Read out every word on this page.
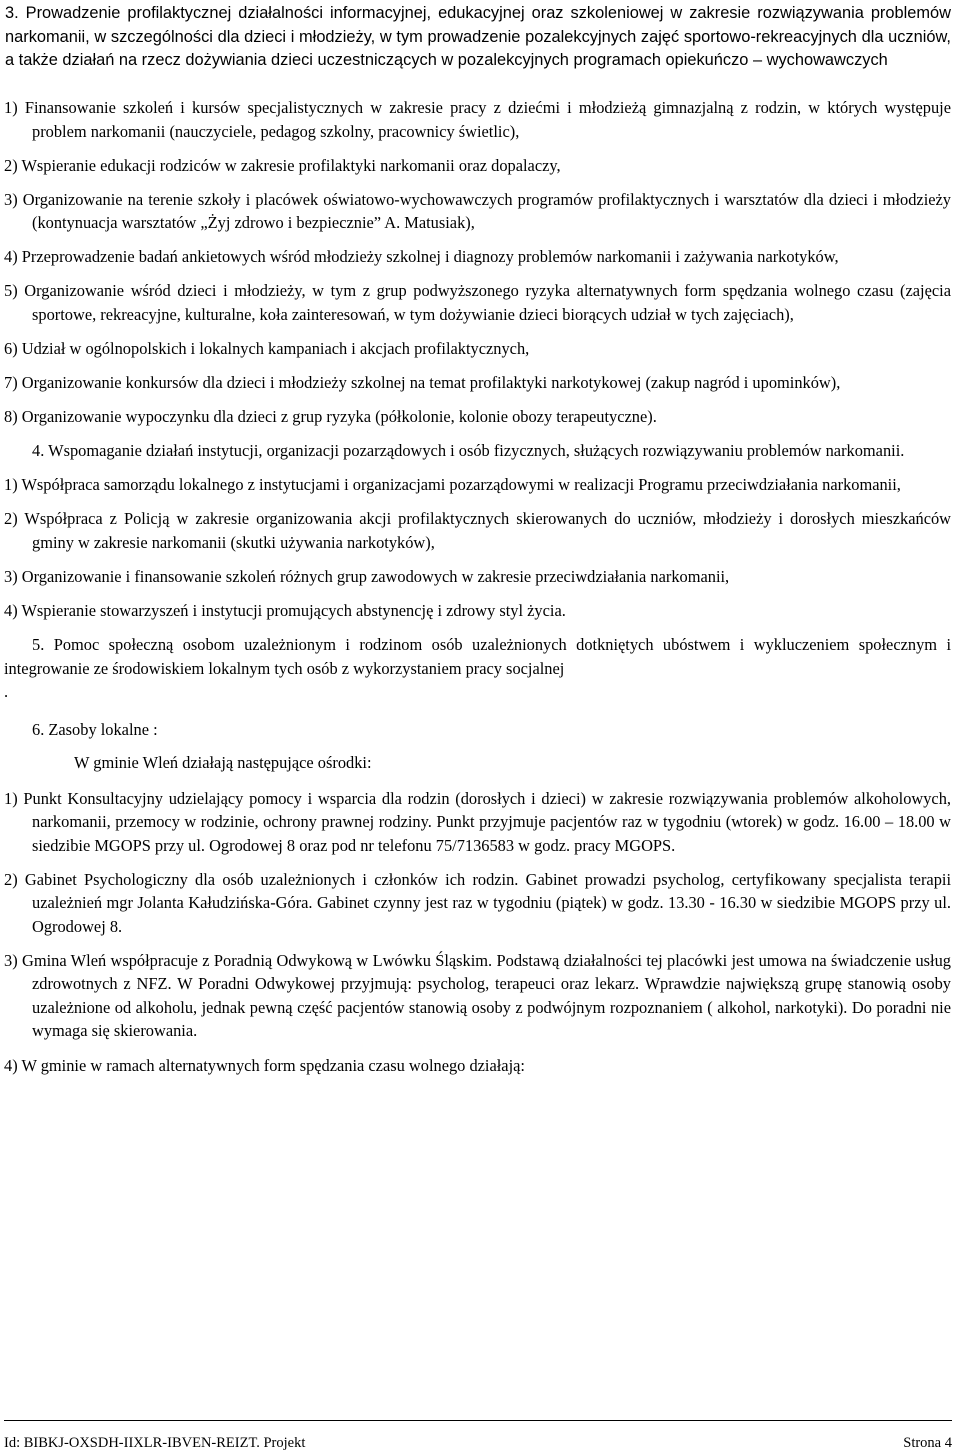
3. Prowadzenie profilaktycznej działalności informacyjnej, edukacyjnej oraz szkoleniowej w zakresie rozwiązywania problemów narkomanii, w szczególności dla dzieci i młodzieży, w tym prowadzenie pozalekcyjnych zajęć sportowo-rekreacyjnych dla uczniów, a także działań na rzecz dożywiania dzieci uczestniczących w pozalekcyjnych programach opiekuńczo – wychowawczych

1) Finansowanie szkoleń i kursów specjalistycznych w zakresie pracy z dziećmi i młodzieżą gimnazjalną z rodzin, w których występuje problem narkomanii (nauczyciele, pedagog szkolny, pracownicy świetlic),

2) Wspieranie edukacji rodziców w zakresie profilaktyki narkomanii oraz dopalaczy,

3) Organizowanie na terenie szkoły i placówek oświatowo-wychowawczych programów profilaktycznych i warsztatów dla dzieci i młodzieży (kontynuacja warsztatów „Żyj zdrowo i bezpiecznie” A. Matusiak),

4) Przeprowadzenie badań ankietowych wśród młodzieży szkolnej i diagnozy problemów narkomanii i zażywania narkotyków,

5) Organizowanie wśród dzieci i młodzieży, w tym z grup podwyższonego ryzyka alternatywnych form spędzania wolnego czasu (zajęcia sportowe, rekreacyjne, kulturalne, koła zainteresowań, w tym dożywianie dzieci biorących udział w tych zajęciach),

6) Udział w ogólnopolskich i lokalnych kampaniach i akcjach profilaktycznych,

7) Organizowanie konkursów dla dzieci i młodzieży szkolnej na temat profilaktyki narkotykowej (zakup nagród i upominków),

8) Organizowanie wypoczynku dla dzieci z grup ryzyka (półkolonie, kolonie obozy terapeutyczne).

4. Wspomaganie działań instytucji, organizacji pozarządowych i osób fizycznych, służących rozwiązywaniu problemów narkomanii.

1) Współpraca samorządu lokalnego z instytucjami i organizacjami pozarządowymi w realizacji Programu przeciwdziałania narkomanii,

2) Współpraca z Policją w zakresie organizowania akcji profilaktycznych skierowanych do uczniów, młodzieży i dorosłych mieszkańców gminy w zakresie narkomanii (skutki używania narkotyków),

3) Organizowanie i finansowanie szkoleń różnych grup zawodowych w zakresie przeciwdziałania narkomanii,

4) Wspieranie stowarzyszeń i instytucji promujących abstynencję i zdrowy styl życia.

5. Pomoc społeczną osobom uzależnionym i rodzinom osób uzależnionych dotkniętych ubóstwem i wykluczeniem społecznym i integrowanie ze środowiskiem lokalnym tych osób z wykorzystaniem pracy socjalnej

.

6. Zasoby lokalne :

W gminie Wleń działają następujące ośrodki:

1) Punkt Konsultacyjny udzielający pomocy i wsparcia dla rodzin (dorosłych i dzieci) w zakresie rozwiązywania problemów alkoholowych, narkomanii, przemocy w rodzinie, ochrony prawnej rodziny. Punkt przyjmuje pacjentów raz w tygodniu (wtorek) w godz. 16.00 – 18.00 w siedzibie MGOPS przy ul. Ogrodowej 8 oraz pod nr telefonu 75/7136583 w godz. pracy MGOPS.

2) Gabinet Psychologiczny dla osób uzależnionych i członków ich rodzin. Gabinet prowadzi psycholog, certyfikowany specjalista terapii uzależnień mgr Jolanta Kałudzińska-Góra. Gabinet czynny jest raz w tygodniu (piątek) w godz. 13.30 - 16.30 w siedzibie MGOPS przy ul. Ogrodowej 8.

3) Gmina Wleń współpracuje z Poradnią Odwykową w Lwówku Śląskim. Podstawą działalności tej placówki jest umowa na świadczenie usług zdrowotnych z NFZ. W Poradni Odwykowej przyjmują: psycholog, terapeuci oraz lekarz. Wprawdzie największą grupę stanowią osoby uzależnione od alkoholu, jednak pewną część pacjentów stanowią osoby z podwójnym rozpoznaniem ( alkohol, narkotyki). Do poradni nie wymaga się skierowania.

4) W gminie w ramach alternatywnych form spędzania czasu wolnego działają:

Id: BIBKJ-OXSDH-IIXLR-IBVEN-REIZT. Projekt	Strona 4
